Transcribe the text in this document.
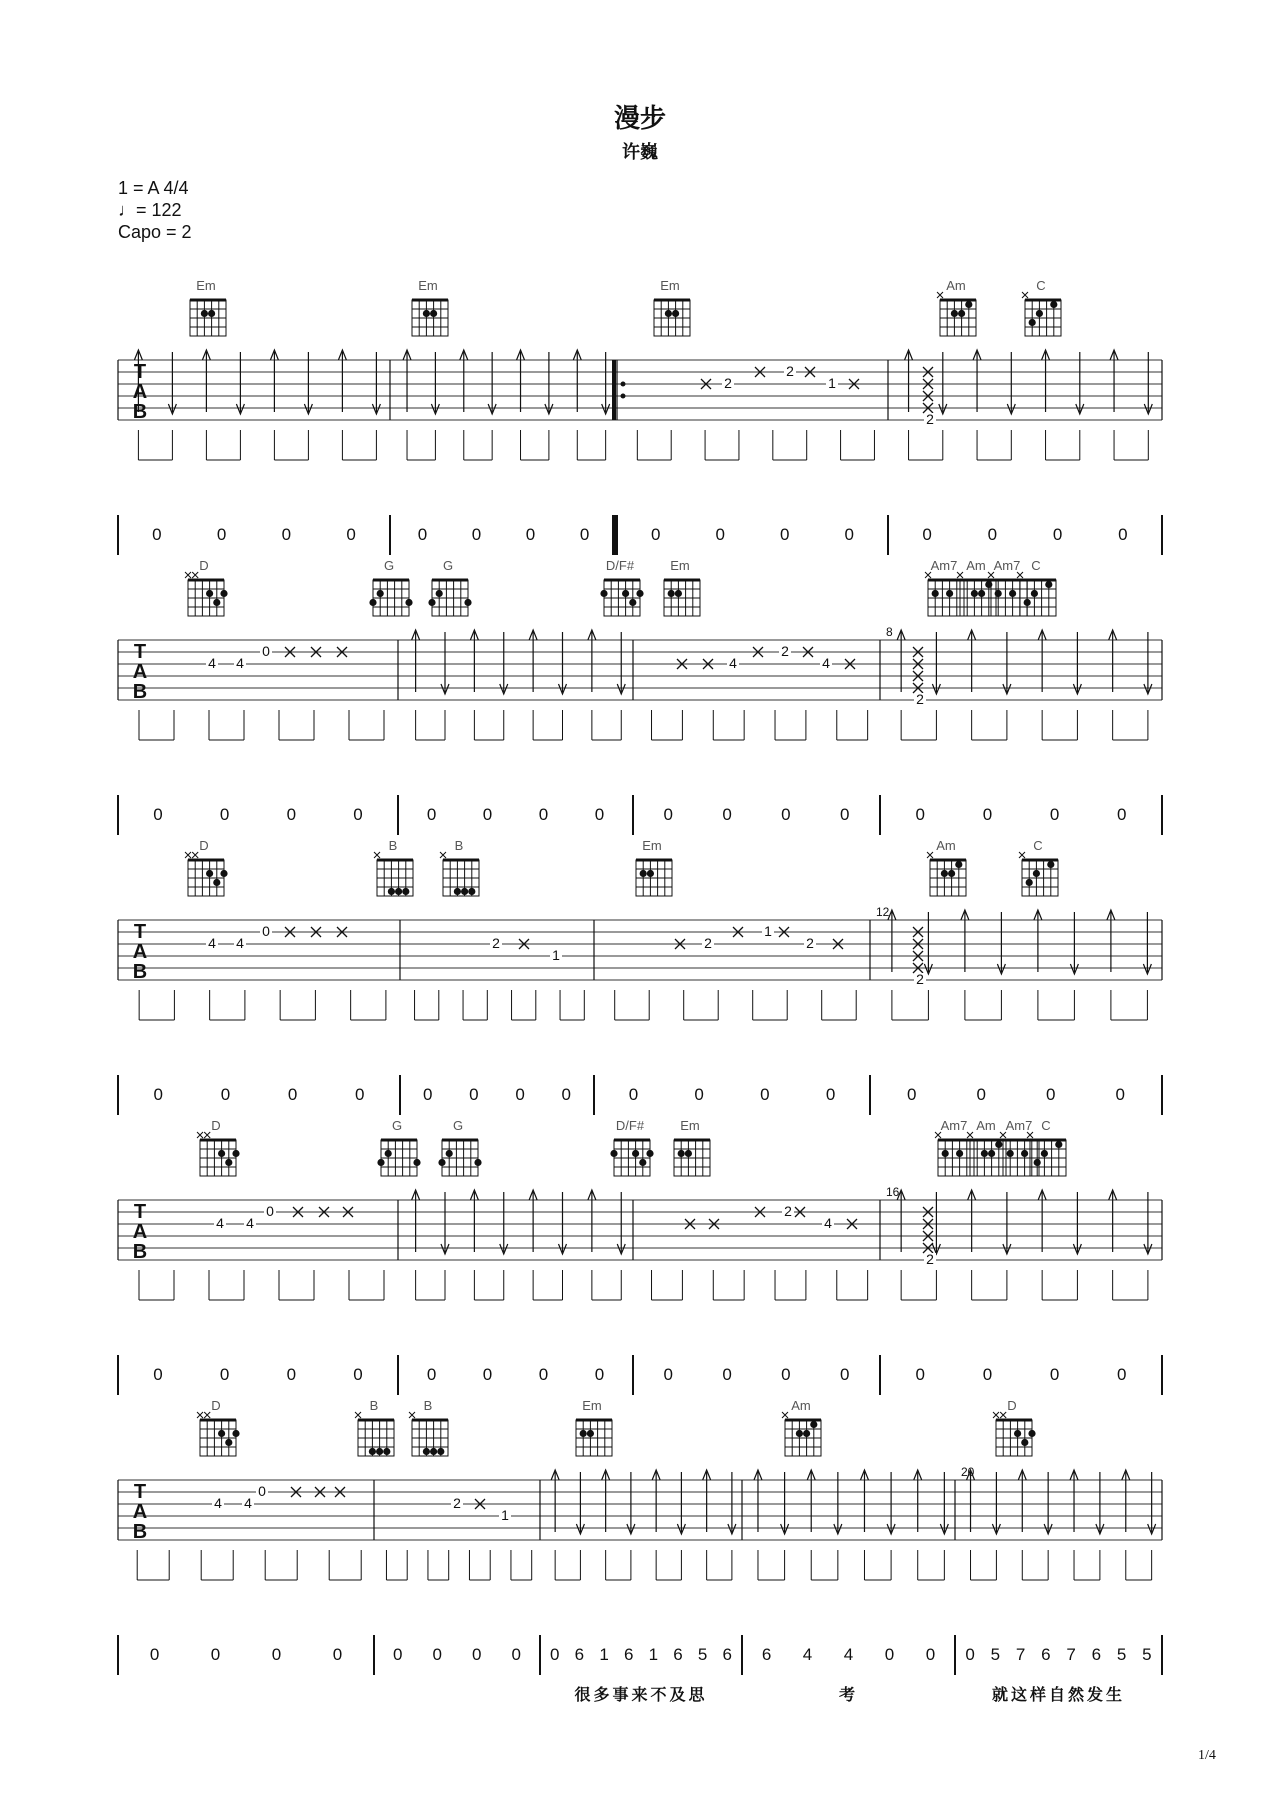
漫步
许巍
1 = A 4/4
♩= 122
Capo = 2
Em	Em	Em	Am	C
T
A
B
0	0	0	0	0	0	0	0
2
2
1
0	0	0	0
2
0	0	0	0
D	G	G	D/F#	Em	Am7 Am Am7 C
T
A
B
8
4 4
0
0	0	0	0	0	0	0	0
4
2
4
0	0	0	0
2
0	0	0	0
D	B	B	Em	Am	C
T
A
B
12
4 4
0
0	0	0	0
2
1
0 0 0 0
2
1
2
0	0	0	0
2
0	0	0	0
D	G	G	D/F#	Em	Am7 Am Am7 C
T
A
B
16
4 4
0
0	0	0	0	0	0	0	0
2
4
0	0	0	0
2
0	0	0	0
D	B	B	Em	Am	D
T
A
B
20
4 4
0
0	0	0	0
2
1
0 0 0 0 0 6 1 6 1 6 5 6
很多事来不及思
6 4 4 0 0
考
0 5 7 6 7 6 5 5
就这样自然发生
1/4
